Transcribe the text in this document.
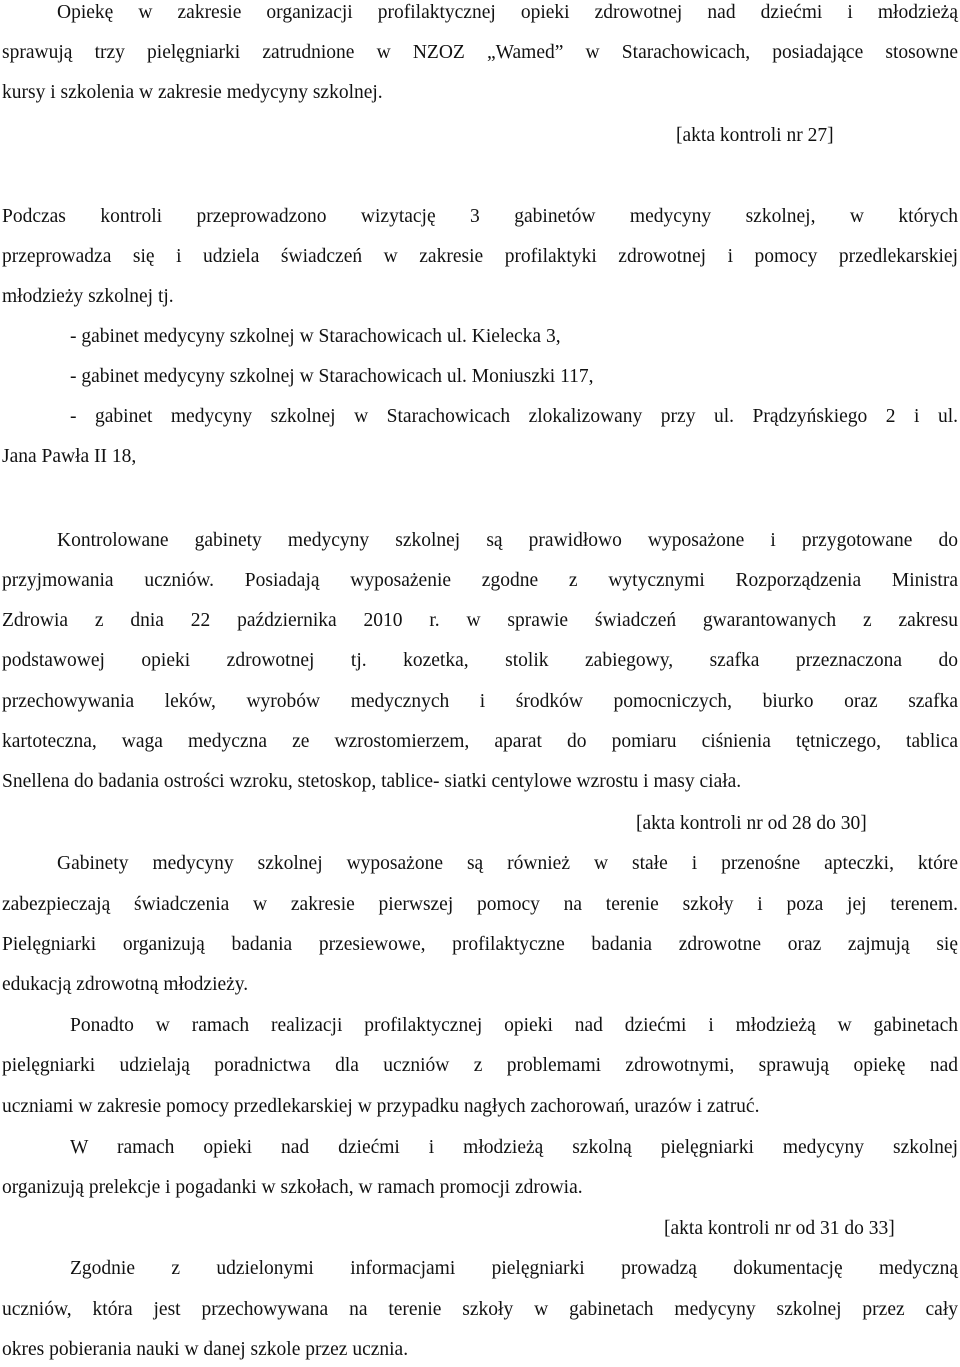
Opiekę w zakresie organizacji profilaktycznej opieki zdrowotnej nad dziećmi i młodzieżą
sprawują trzy pielęgniarki zatrudnione w NZOZ „Wamed” w Starachowicach, posiadające stosowne
kursy i szkolenia w zakresie medycyny szkolnej.
[akta kontroli nr 27]
Podczas kontroli przeprowadzono wizytację 3 gabinetów medycyny szkolnej, w których
przeprowadza się i udziela świadczeń w zakresie profilaktyki zdrowotnej i pomocy przedlekarskiej
młodzieży szkolnej tj.
- gabinet medycyny szkolnej w Starachowicach ul. Kielecka 3,
- gabinet medycyny szkolnej w Starachowicach ul. Moniuszki 117,
- gabinet medycyny szkolnej w Starachowicach zlokalizowany przy ul. Prądzyńskiego 2 i ul.
Jana Pawła II 18,
Kontrolowane gabinety medycyny szkolnej są prawidłowo wyposażone i przygotowane do
przyjmowania uczniów. Posiadają wyposażenie zgodne z wytycznymi Rozporządzenia Ministra
Zdrowia z dnia 22 października 2010 r. w sprawie świadczeń gwarantowanych z zakresu
podstawowej opieki zdrowotnej tj. kozetka, stolik zabiegowy, szafka przeznaczona do
przechowywania leków, wyrobów medycznych i środków pomocniczych, biurko oraz szafka
kartoteczna, waga medyczna ze wzrostomierzem, aparat do pomiaru ciśnienia tętniczego, tablica
Snellena do badania ostrości wzroku, stetoskop, tablice- siatki centylowe wzrostu i masy ciała.
[akta kontroli nr od 28 do 30]
Gabinety medycyny szkolnej wyposażone są również w stałe i przenośne apteczki, które
zabezpieczają świadczenia w zakresie pierwszej pomocy na terenie szkoły i poza jej terenem.
Pielęgniarki organizują badania przesiewowe, profilaktyczne badania zdrowotne oraz zajmują się
edukacją zdrowotną młodzieży.
Ponadto w ramach realizacji profilaktycznej opieki nad dziećmi i młodzieżą w gabinetach
pielęgniarki udzielają poradnictwa dla uczniów z problemami zdrowotnymi, sprawują opiekę nad
uczniami w zakresie pomocy przedlekarskiej w przypadku nagłych zachorowań, urazów i zatruć.
W ramach opieki nad dziećmi i młodzieżą szkolną pielęgniarki medycyny szkolnej
organizują prelekcje i pogadanki w szkołach, w ramach promocji zdrowia.
[akta kontroli nr od 31 do 33]
Zgodnie z udzielonymi informacjami pielęgniarki prowadzą dokumentację medyczną
uczniów, która jest przechowywana na terenie szkoły w gabinetach medycyny szkolnej przez cały
okres pobierania nauki w danej szkole przez ucznia.
